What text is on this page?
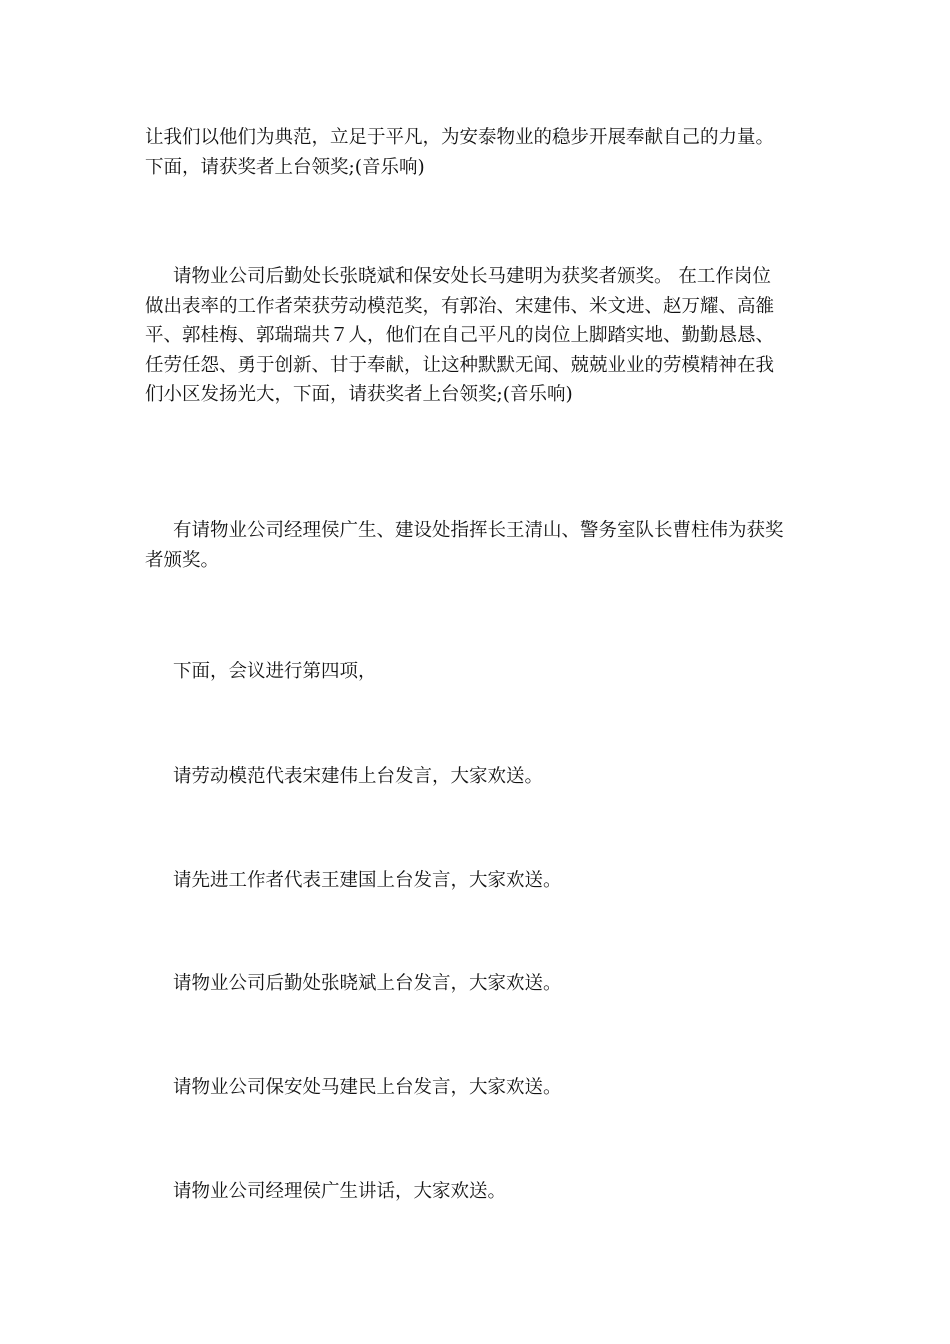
让我们以他们为典范，立足于平凡，为安泰物业的稳步开展奉献自己的力量。
下面，请获奖者上台领奖;(音乐响)

请物业公司后勤处长张晓斌和保安处长马建明为获奖者颁奖。 在工作岗位
做出表率的工作者荣获劳动模范奖，有郭治、宋建伟、米文进、赵万耀、高雒
平、郭桂梅、郭瑞瑞共７人，他们在自己平凡的岗位上脚踏实地、勤勤恳恳、
任劳任怨、勇于创新、甘于奉献，让这种默默无闻、兢兢业业的劳模精神在我
们小区发扬光大，下面，请获奖者上台领奖;(音乐响)

有请物业公司经理侯广生、建设处指挥长王清山、警务室队长曹柱伟为获奖
者颁奖。

下面，会议进行第四项，

请劳动模范代表宋建伟上台发言，大家欢送。

请先进工作者代表王建国上台发言，大家欢送。

请物业公司后勤处张晓斌上台发言，大家欢送。

请物业公司保安处马建民上台发言，大家欢送。

请物业公司经理侯广生讲话，大家欢送。
